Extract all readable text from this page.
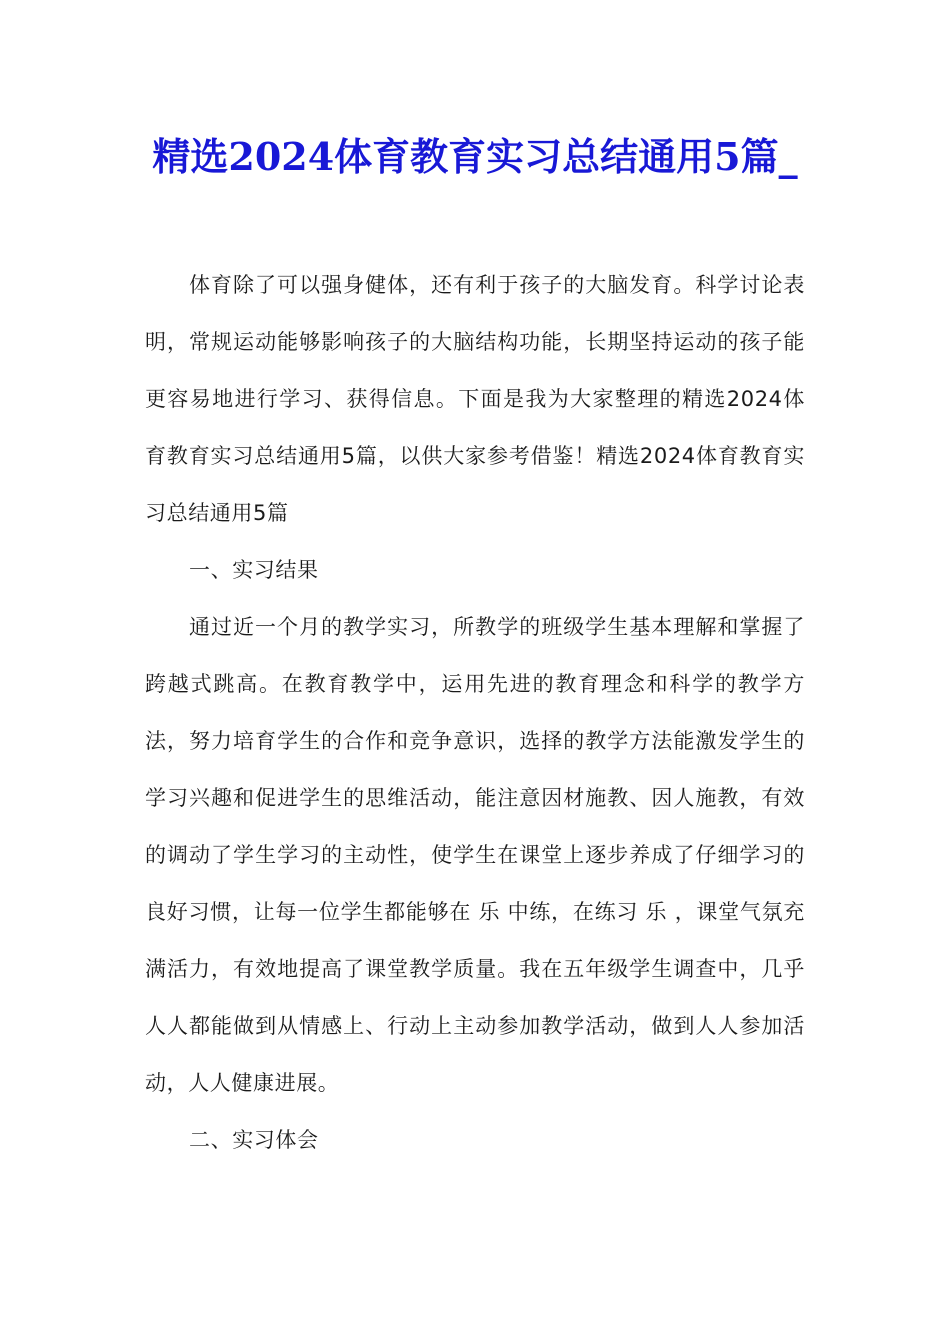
精选2024体育教育实习总结通用5篇_

体育除了可以强身健体，还有利于孩子的大脑发育。科学讨论表明，常规运动能够影响孩子的大脑结构功能，长期坚持运动的孩子能更容易地进行学习、获得信息。下面是我为大家整理的精选2024体育教育实习总结通用5篇，以供大家参考借鉴！精选2024体育教育实习总结通用5篇

一、实习结果

通过近一个月的教学实习，所教学的班级学生基本理解和掌握了跨越式跳高。在教育教学中，运用先进的教育理念和科学的教学方法，努力培育学生的合作和竞争意识，选择的教学方法能激发学生的学习兴趣和促进学生的思维活动，能注意因材施教、因人施教，有效的调动了学生学习的主动性，使学生在课堂上逐步养成了仔细学习的良好习惯，让每一位学生都能够在 乐 中练，在练习 乐 ，课堂气氛充满活力，有效地提高了课堂教学质量。我在五年级学生调查中，几乎人人都能做到从情感上、行动上主动参加教学活动，做到人人参加活动，人人健康进展。

二、实习体会
